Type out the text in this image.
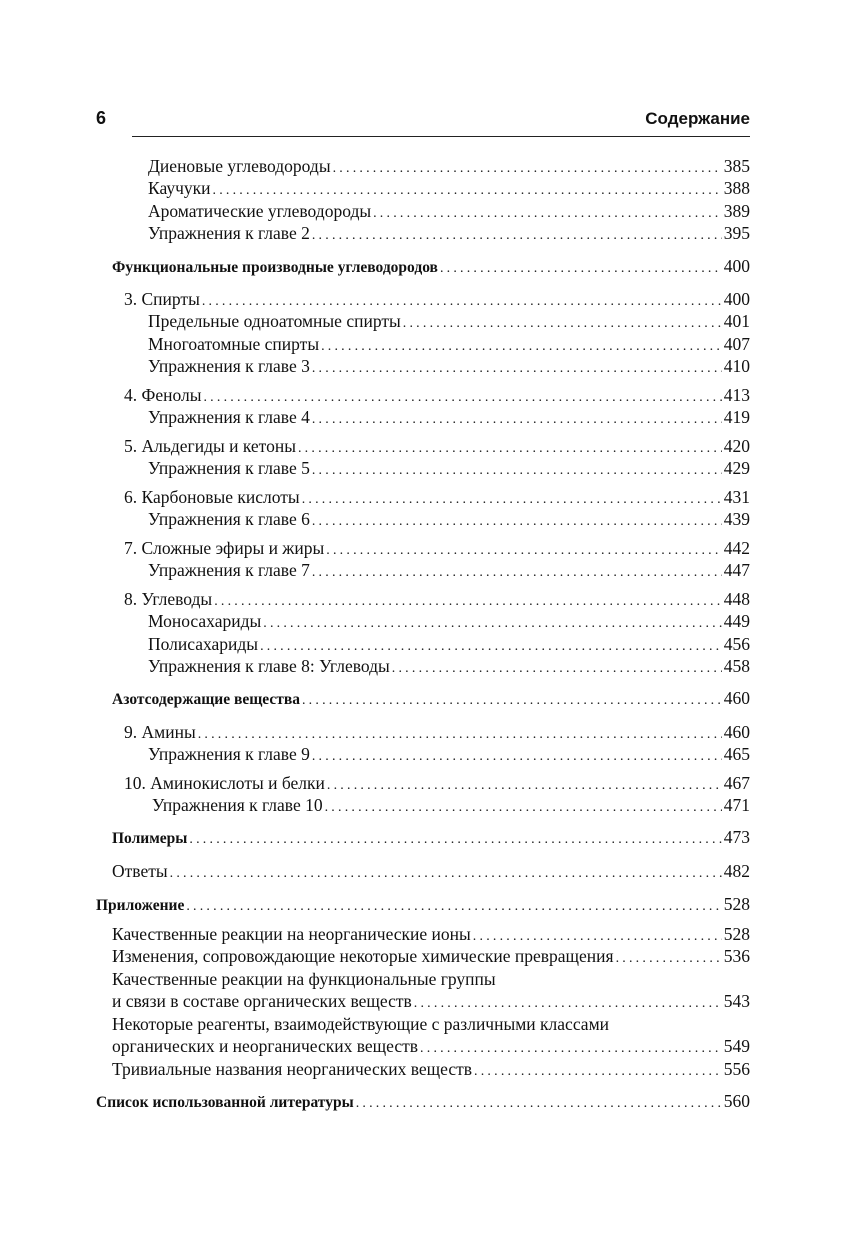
6	Содержание
Диеновые углеводороды .....	385
Каучуки .....	388
Ароматические углеводороды .....	389
Упражнения к главе 2 .....	395
Функциональные производные углеводородов .....	400
3. Спирты .....	400
Предельные одноатомные спирты .....	401
Многоатомные спирты .....	407
Упражнения к главе 3 .....	410
4. Фенолы .....	413
Упражнения к главе 4 .....	419
5. Альдегиды и кетоны .....	420
Упражнения к главе 5 .....	429
6. Карбоновые кислоты .....	431
Упражнения к главе 6 .....	439
7. Сложные эфиры и жиры .....	442
Упражнения к главе 7 .....	447
8. Углеводы .....	448
Моносахариды .....	449
Полисахариды .....	456
Упражнения к главе 8: Углеводы .....	458
Азотсодержащие вещества .....	460
9. Амины .....	460
Упражнения к главе 9 .....	465
10. Аминокислоты и белки .....	467
Упражнения к главе 10 .....	471
Полимеры .....	473
Ответы .....	482
Приложение .....	528
Качественные реакции на неорганические ионы .....	528
Изменения, сопровождающие некоторые химические превращения .....	536
Качественные реакции на функциональные группы
и связи в составе органических веществ .....	543
Некоторые реагенты, взаимодействующие с различными классами
органических и неорганических веществ .....	549
Тривиальные названия неорганических веществ .....	556
Список использованной литературы .....	560
